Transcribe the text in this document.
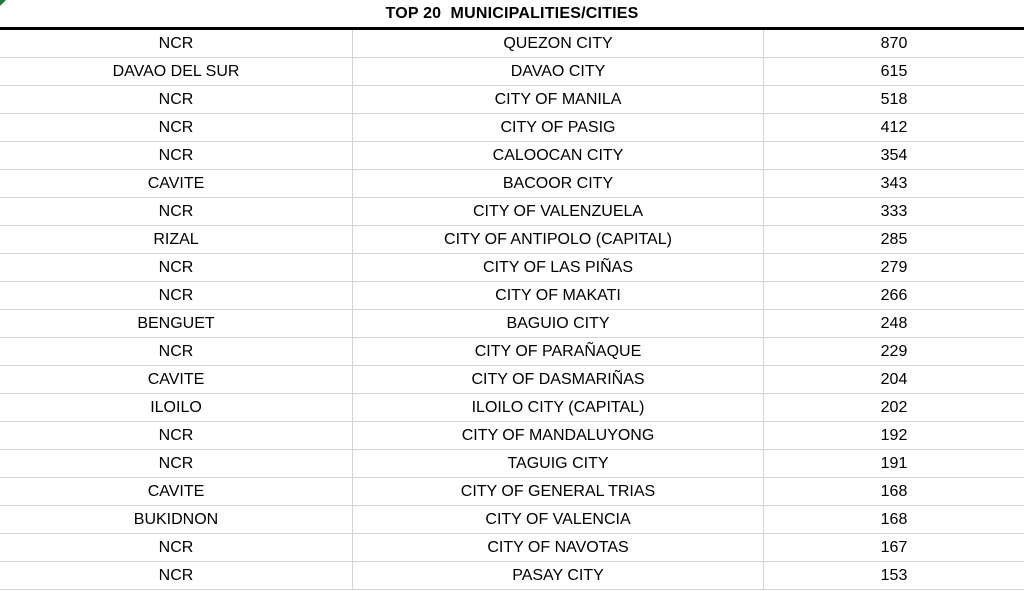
TOP 20  MUNICIPALITIES/CITIES
NCR	QUEZON CITY	870
DAVAO DEL SUR	DAVAO CITY	615
NCR	CITY OF MANILA	518
NCR	CITY OF PASIG	412
NCR	CALOOCAN CITY	354
CAVITE	BACOOR CITY	343
NCR	CITY OF VALENZUELA	333
RIZAL	CITY OF ANTIPOLO (CAPITAL)	285
NCR	CITY OF LAS PIÑAS	279
NCR	CITY OF MAKATI	266
BENGUET	BAGUIO CITY	248
NCR	CITY OF PARAÑAQUE	229
CAVITE	CITY OF DASMARIÑAS	204
ILOILO	ILOILO CITY (CAPITAL)	202
NCR	CITY OF MANDALUYONG	192
NCR	TAGUIG CITY	191
CAVITE	CITY OF GENERAL TRIAS	168
BUKIDNON	CITY OF VALENCIA	168
NCR	CITY OF NAVOTAS	167
NCR	PASAY CITY	153
